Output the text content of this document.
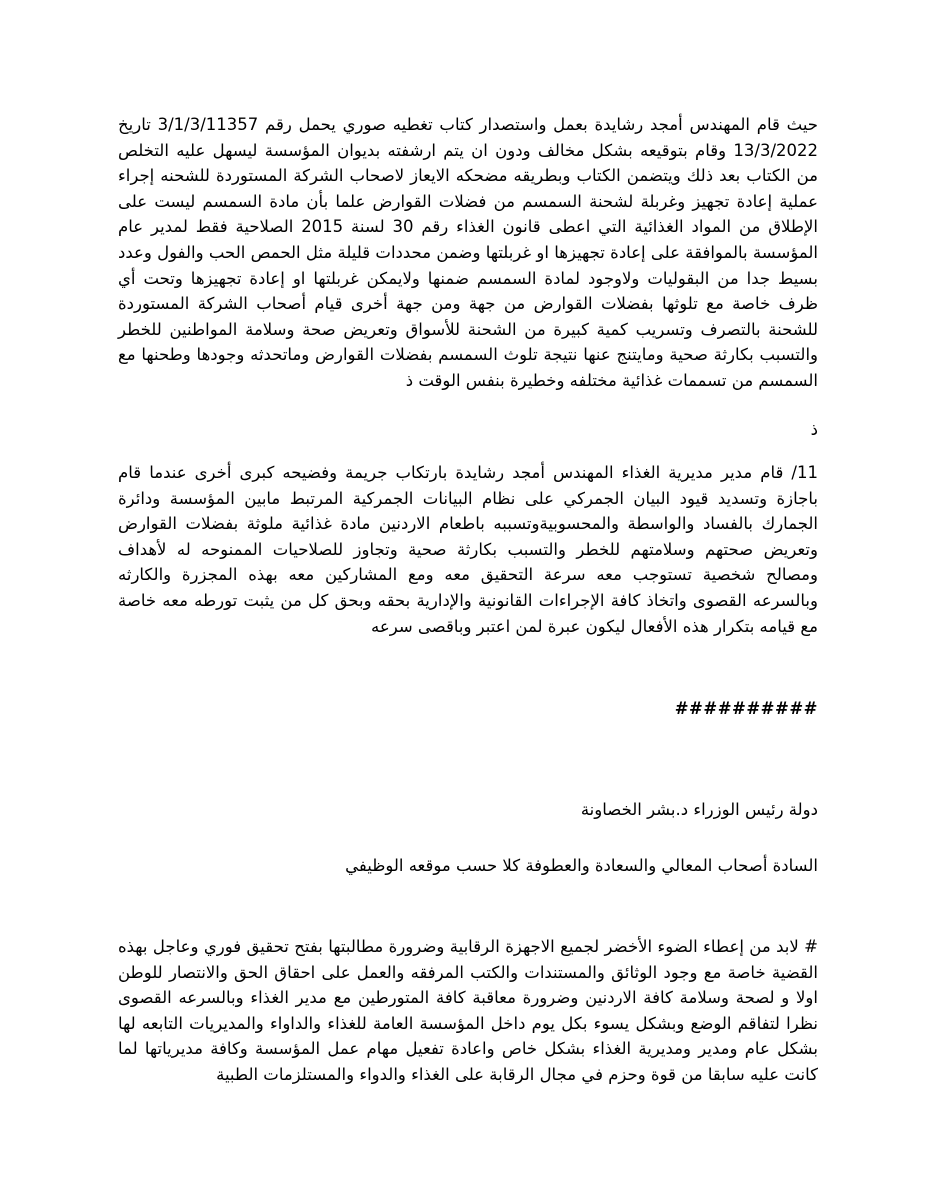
حيث قام المهندس أمجد رشايدة بعمل واستصدار كتاب تغطيه صوري يحمل رقم 3/1/3/11357 تاريخ 13/3/2022 وقام بتوقيعه بشكل مخالف ودون ان يتم ارشفته بديوان المؤسسة ليسهل عليه التخلص من الكتاب بعد ذلك ويتضمن الكتاب وبطريقه مضحكه الايعاز لاصحاب الشركة المستوردة للشحنه إجراء عملية إعادة تجهيز وغربلة لشحنة السمسم من فضلات القوارض علما بأن مادة السمسم ليست على الإطلاق من المواد الغذائية التي اعطى قانون الغذاء رقم 30 لسنة 2015 الصلاحية فقط لمدير عام المؤسسة بالموافقة على إعادة تجهيزها او غربلتها وضمن محددات قليلة مثل الحمص الحب والفول وعدد بسيط جدا من البقوليات ولاوجود لمادة السمسم ضمنها ولايمكن غربلتها او إعادة تجهيزها وتحت أي ظرف خاصة مع تلوثها بفضلات القوارض من جهة ومن جهة أخرى قيام أصحاب الشركة المستوردة للشحنة بالتصرف وتسريب كمية كبيرة من الشحنة للأسواق وتعريض صحة وسلامة المواطنين للخطر والتسبب بكارثة صحية ومايتنج عنها نتيجة تلوث السمسم بفضلات القوارض وماتحدثه وجودها وطحنها مع السمسم من تسممات غذائية مختلفه وخطيرة بنفس الوقت ذ

ذ

11/ قام مدير مديرية الغذاء المهندس أمجد رشايدة بارتكاب جريمة وفضيحه كبرى أخرى عندما قام باجازة وتسديد قيود البيان الجمركي على نظام البيانات الجمركية المرتبط مابين المؤسسة ودائرة الجمارك بالفساد والواسطة والمحسوبيةوتسببه باطعام الاردنين مادة غذائية ملوثة بفضلات القوارض وتعريض صحتهم وسلامتهم للخطر والتسبب بكارثة صحية وتجاوز للصلاحيات الممنوحه له لأهداف ومصالح شخصية تستوجب معه سرعة التحقيق معه ومع المشاركين معه بهذه المجزرة والكارثه وبالسرعه القصوى واتخاذ كافة الإجراءات القانونية والإدارية بحقه وبحق كل من يثبت تورطه معه خاصة مع قيامه بتكرار هذه الأفعال ليكون عبرة لمن اعتبر وباقصى سرعه

##########

دولة رئيس الوزراء د.بشر الخصاونة

السادة أصحاب المعالي والسعادة والعطوفة كلا حسب موقعه الوظيفي

# لابد من إعطاء الضوء الأخضر لجميع الاجهزة الرقابية وضرورة مطالبتها بفتح تحقيق فوري وعاجل بهذه القضية خاصة مع وجود الوثائق والمستندات والكتب المرفقه والعمل على احقاق الحق والانتصار للوطن اولا و لصحة وسلامة كافة الاردنين وضرورة معاقبة كافة المتورطين مع مدير الغذاء وبالسرعه القصوى نظرا لتفاقم الوضع وبشكل يسوء بكل يوم داخل المؤسسة العامة للغذاء والداواء والمديريات التابعه لها بشكل عام ومدير ومديرية الغذاء بشكل خاص واعادة تفعيل مهام عمل المؤسسة وكافة مديرياتها لما كانت عليه سابقا من قوة وحزم في مجال الرقابة على الغذاء والدواء والمستلزمات الطبية
